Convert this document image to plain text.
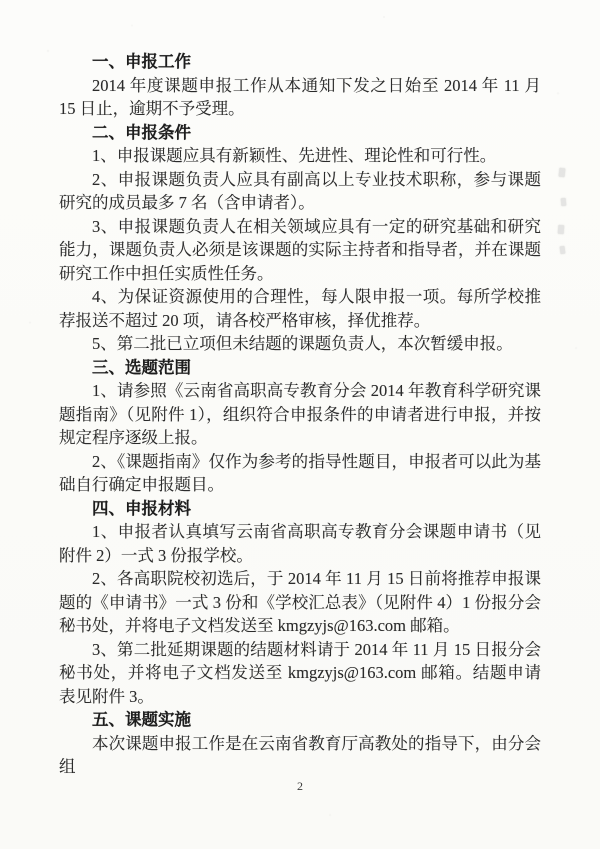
一、申报工作

2014 年度课题申报工作从本通知下发之日始至 2014 年 11 月 15 日止，逾期不予受理。

二、申报条件

1、申报课题应具有新颖性、先进性、理论性和可行性。

2、申报课题负责人应具有副高以上专业技术职称，参与课题研究的成员最多 7 名（含申请者）。

3、申报课题负责人在相关领域应具有一定的研究基础和研究能力，课题负责人必须是该课题的实际主持者和指导者，并在课题研究工作中担任实质性任务。

4、为保证资源使用的合理性，每人限申报一项。每所学校推荐报送不超过 20 项，请各校严格审核，择优推荐。

5、第二批已立项但未结题的课题负责人，本次暂缓申报。

三、选题范围

1、请参照《云南省高职高专教育分会 2014 年教育科学研究课题指南》（见附件 1），组织符合申报条件的申请者进行申报，并按规定程序逐级上报。

2、《课题指南》仅作为参考的指导性题目，申报者可以此为基础自行确定申报题目。

四、申报材料

1、申报者认真填写云南省高职高专教育分会课题申请书（见附件 2）一式 3 份报学校。

2、各高职院校初选后，于 2014 年 11 月 15 日前将推荐申报课题的《申请书》一式 3 份和《学校汇总表》（见附件 4）1 份报分会秘书处，并将电子文档发送至 kmgzyjs@163.com 邮箱。

3、第二批延期课题的结题材料请于 2014 年 11 月 15 日报分会秘书处，并将电子文档发送至 kmgzyjs@163.com 邮箱。结题申请表见附件 3。

五、课题实施

本次课题申报工作是在云南省教育厅高教处的指导下，由分会组

2
